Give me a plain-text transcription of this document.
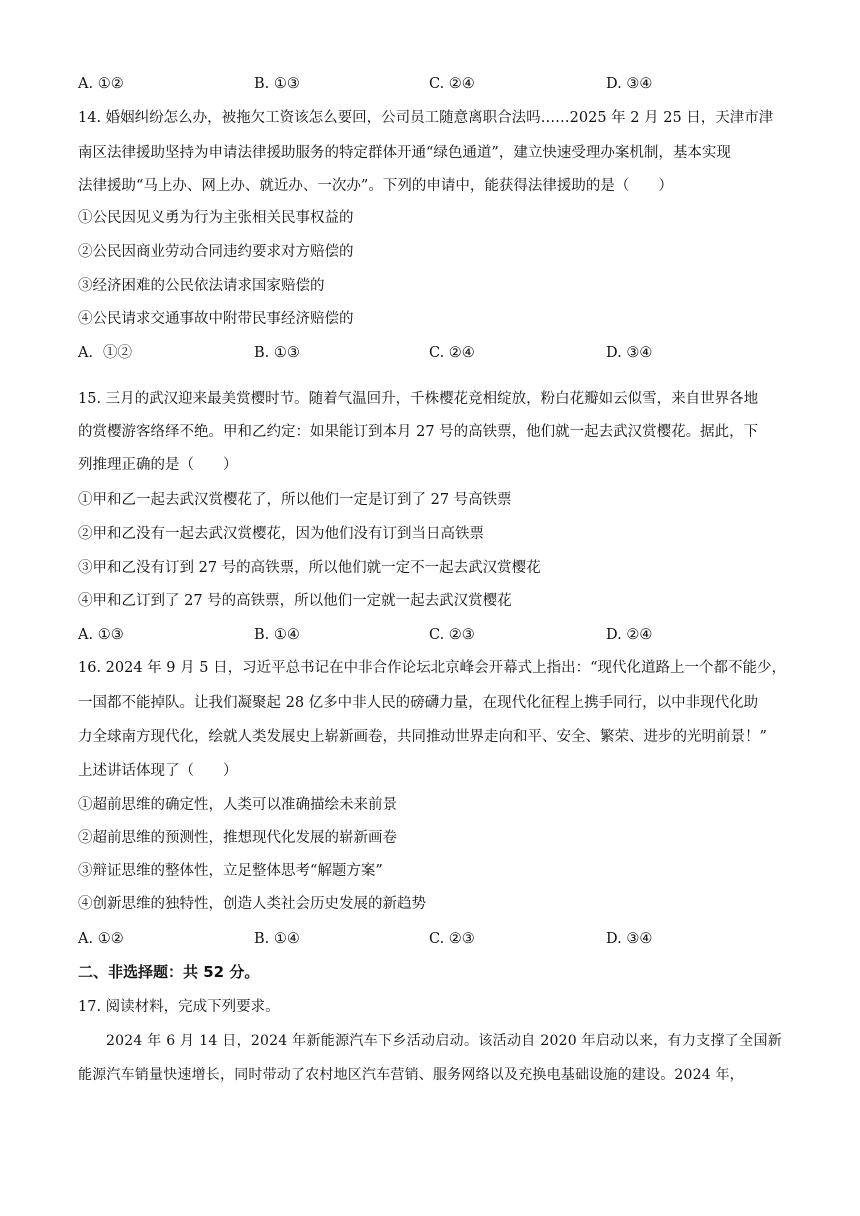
A. ①②	B. ①③	C. ②④	D. ③④
14. 婚姻纠纷怎么办，被拖欠工资该怎么要回，公司员工随意离职合法吗……2025 年 2 月 25 日，天津市津
南区法律援助坚持为申请法律援助服务的特定群体开通“绿色通道”，建立快速受理办案机制，基本实现
法律援助“马上办、网上办、就近办、一次办”。下列的申请中，能获得法律援助的是（　　）
①公民因见义勇为行为主张相关民事权益的
②公民因商业劳动合同违约要求对方赔偿的
③经济困难的公民依法请求国家赔偿的
④公民请求交通事故中附带民事经济赔偿的
A．①②	B. ①③	C. ②④	D. ③④
15. 三月的武汉迎来最美赏樱时节。随着气温回升，千株樱花竞相绽放，粉白花瓣如云似雪，来自世界各地
的赏樱游客络绎不绝。甲和乙约定：如果能订到本月 27 号的高铁票，他们就一起去武汉赏樱花。据此，下
列推理正确的是（　　）
①甲和乙一起去武汉赏樱花了，所以他们一定是订到了 27 号高铁票
②甲和乙没有一起去武汉赏樱花，因为他们没有订到当日高铁票
③甲和乙没有订到 27 号的高铁票，所以他们就一定不一起去武汉赏樱花
④甲和乙订到了 27 号的高铁票，所以他们一定就一起去武汉赏樱花
A. ①③	B. ①④	C. ②③	D. ②④
16. 2024 年 9 月 5 日，习近平总书记在中非合作论坛北京峰会开幕式上指出：“现代化道路上一个都不能少，
一国都不能掉队。让我们凝聚起 28 亿多中非人民的磅礴力量，在现代化征程上携手同行，以中非现代化助
力全球南方现代化，绘就人类发展史上崭新画卷，共同推动世界走向和平、安全、繁荣、进步的光明前景！”
上述讲话体现了（　　）
①超前思维的确定性，人类可以准确描绘未来前景
②超前思维的预测性，推想现代化发展的崭新画卷
③辩证思维的整体性，立足整体思考“解题方案”
④创新思维的独特性，创造人类社会历史发展的新趋势
A. ①②	B. ①④	C. ②③	D. ③④
二、非选择题：共 52 分。
17. 阅读材料，完成下列要求。
2024 年 6 月 14 日，2024 年新能源汽车下乡活动启动。该活动自 2020 年启动以来，有力支撑了全国新能源汽车销量快速增长，同时带动了农村地区汽车营销、服务网络以及充换电基础设施的建设。2024 年，
